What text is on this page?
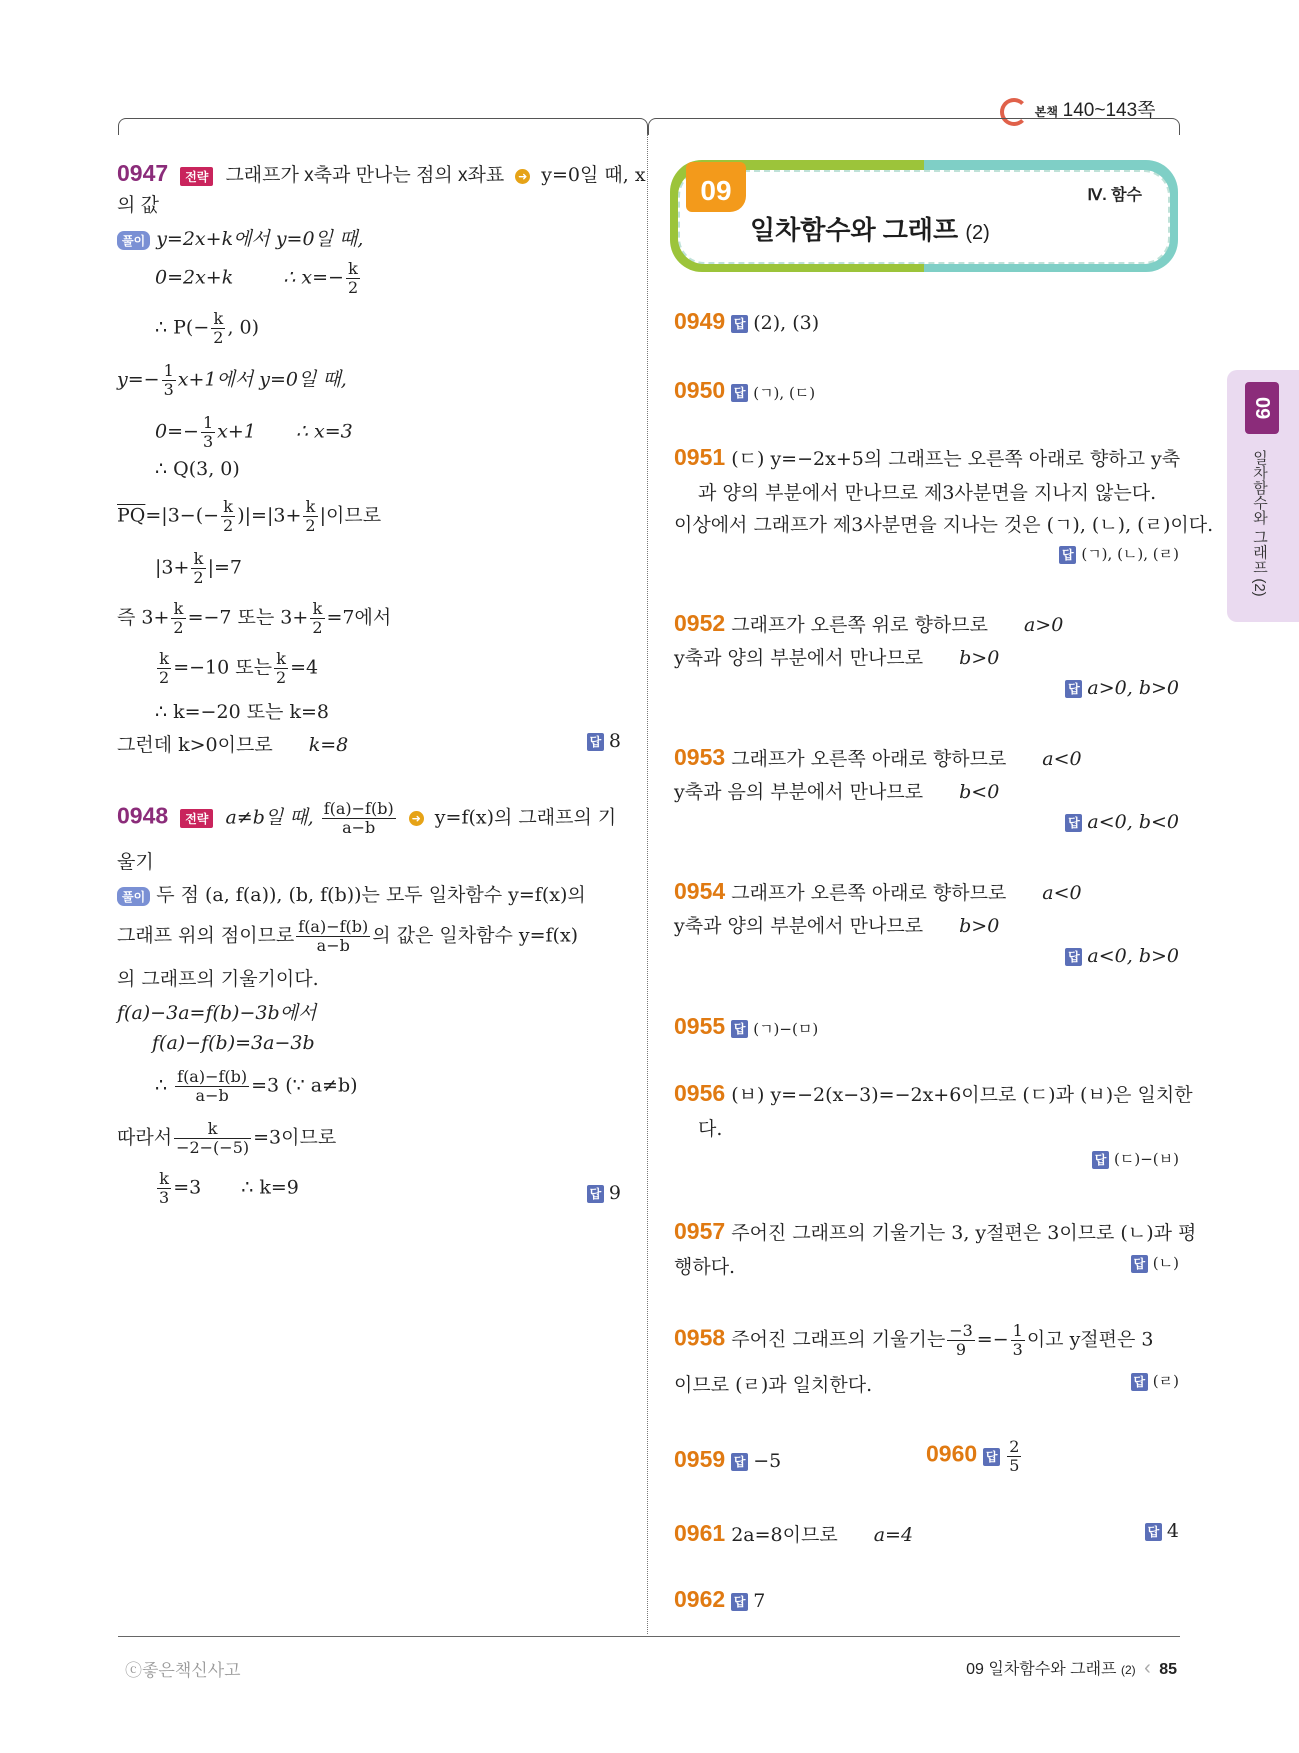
본책 140~143쪽
0947 전략 그래프가 x축과 만나는 점의 x좌표 ➜ y=0일 때, x
의 값
풀이 y=2x+k에서 y=0일 때,
0=2x+k	∴ $x=- \frac{k}{2}$
∴ $P(- \frac{k}{2}$ , 0)
$y=- \frac{1}{3} x+1$에서 y=0일 때,
$0=- \frac{1}{3} x+1$ ∴ x=3
∴ Q(3, 0)
$\overline{PQ}=|3-(- \frac{k}{2} )|=|3+ \frac{k}{2}$ |이므로
$|3+ \frac{k}{2} |=7$
즉 $3+ \frac{k}{2} =-7$ 또는 $3+ \frac{k}{2} =7$에서
$\frac{k}{2} =-10$ 또는 $\frac{k}{2} =4$
∴ k=−20 또는 k=8
그런데 k>0이므로 k=8	답 8
0948 전략 a≠b일 때, $\frac{f(a)-f(b)}{a-b}$ ➜ y=f(x)의 그래프의 기
울기
풀이 두 점 (a, f(a)), (b, f(b))는 모두 일차함수 y=f(x)의
그래프 위의 점이므로 $\frac{f(a)-f(b)}{a-b}$ 의 값은 일차함수 y=f(x)
의 그래프의 기울기이다.
f(a)−3a=f(b)−3b에서
f(a)−f(b)=3a−3b
∴ $\frac{f(a)-f(b)}{a-b} =3$ (∵ a≠b)
따라서 $\frac{k}{-2-(-5)} =3$이므로
$\frac{k}{3} =3$ ∴ k=9	답 9
09
일차함수와 그래프 (2)
Ⅳ. 함수
09
일차함수와 그래프 (2)
0949 답 (2), (3)
0950 답 (ㄱ), (ㄷ)
0951 (ㄷ) y=−2x+5의 그래프는 오른쪽 아래로 향하고 y축
과 양의 부분에서 만나므로 제3사분면을 지나지 않는다.
이상에서 그래프가 제3사분면을 지나는 것은 (ㄱ), (ㄴ), (ㄹ)이다.
답 (ㄱ), (ㄴ), (ㄹ)
0952 그래프가 오른쪽 위로 향하므로 a>0
y축과 양의 부분에서 만나므로 b>0
답 a>0, b>0
0953 그래프가 오른쪽 아래로 향하므로 a<0
y축과 음의 부분에서 만나므로 b<0
답 a<0, b<0
0954 그래프가 오른쪽 아래로 향하므로 a<0
y축과 양의 부분에서 만나므로 b>0
답 a<0, b>0
0955 답 (ㄱ)−(ㅁ)
0956 (ㅂ) y=−2(x−3)=−2x+6이므로 (ㄷ)과 (ㅂ)은 일치한
다.
답 (ㄷ)−(ㅂ)
0957 주어진 그래프의 기울기는 3, y절편은 3이므로 (ㄴ)과 평
행하다.	답 (ㄴ)
0958 주어진 그래프의 기울기는 $\frac{-3}{9} =- \frac{1}{3}$ 이고 y절편은 3
이므로 (ㄹ)과 일치한다.	답 (ㄹ)
0959 답 −5	0960 답 $\frac{2}{5}$
0961 2a=8이므로 a=4	답 4
0962 답 7
ⓒ좋은책신사고	09 일차함수와 그래프 (2) ‹ 85
